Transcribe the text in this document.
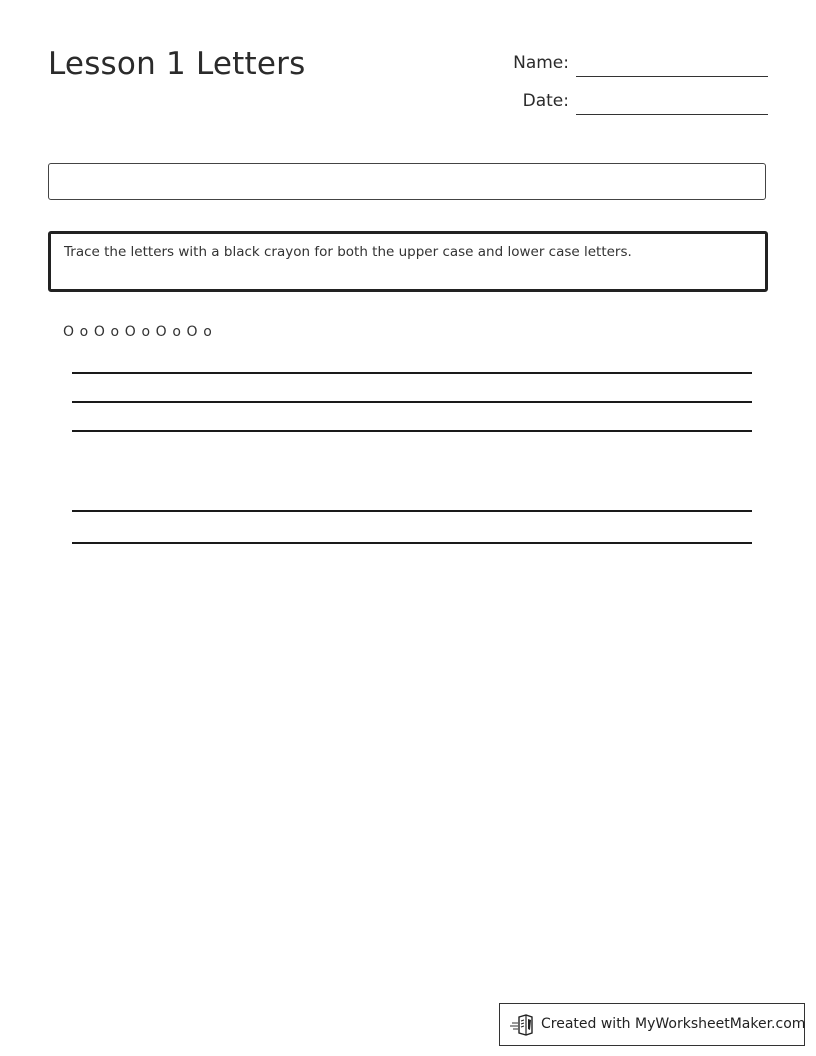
Lesson 1 Letters	Name:
Date:
Trace the letters with a black crayon for both the upper case and lower case letters.
O o O o O o O o O o
Created with MyWorksheetMaker.com
